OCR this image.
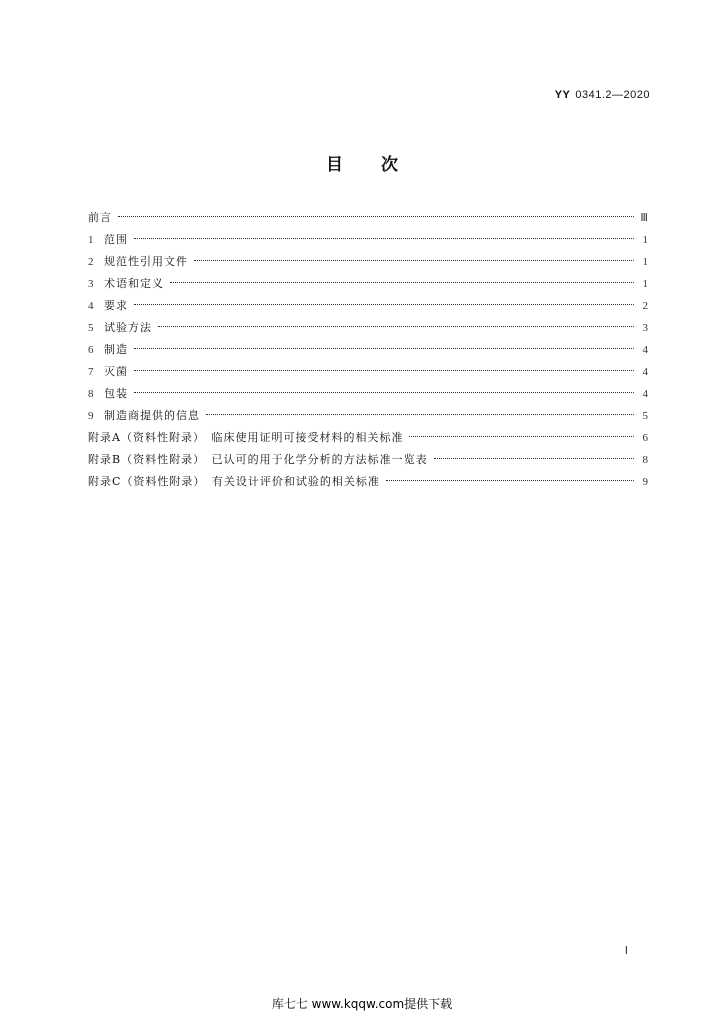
YY 0341.2—2020
目次
前言	Ⅲ
1 范围	1
2 规范性引用文件	1
3 术语和定义	1
4 要求	2
5 试验方法	3
6 制造	4
7 灭菌	4
8 包装	4
9 制造商提供的信息	5
附录A（资料性附录）　临床使用证明可接受材料的相关标准	6
附录B（资料性附录）　已认可的用于化学分析的方法标准一览表	8
附录C（资料性附录）　有关设计评价和试验的相关标准	9
Ⅰ
库七七 www.kqqw.com提供下载
